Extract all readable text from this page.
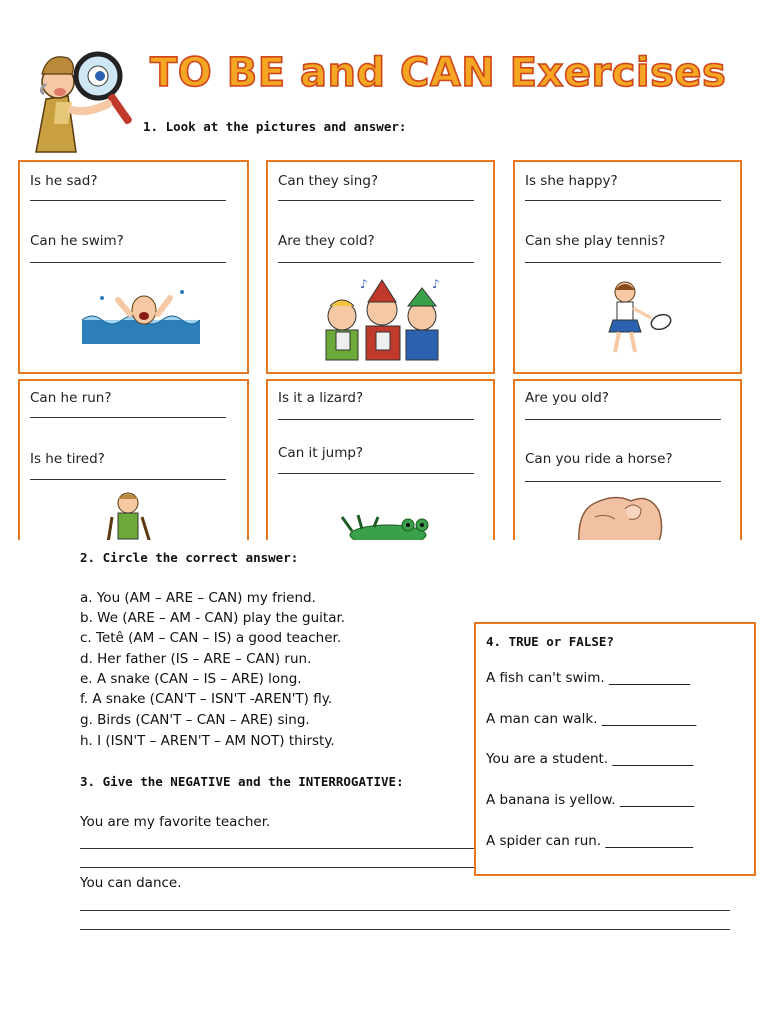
TO BE and CAN Exercises
1. Look at the pictures and answer:
Is he sad?
Can he swim?
Can they sing?
Are they cold?
♪	♪
Is she happy?
Can she play tennis?
Can he run?
Is he tired?
Is it a lizard?
Can it jump?
Are you old?
Can you ride a horse?
2. Circle the correct answer:
a. You (AM – ARE – CAN) my friend.
b. We (ARE – AM - CAN) play the guitar.
c. Tetê (AM – CAN – IS) a good teacher.
d. Her father (IS – ARE – CAN) run.
e. A snake (CAN – IS – ARE) long.
f. A snake (CAN'T – ISN'T -AREN'T) fly.
g. Birds (CAN'T – CAN – ARE) sing.
h. I (ISN'T – AREN'T – AM NOT) thirsty.
3. Give the NEGATIVE and the INTERROGATIVE:
You are my favorite teacher.
You can dance.
4. TRUE or FALSE?
A fish can't swim. ____________
A man can walk. ______________
You are a student. ____________
A banana is yellow. ___________
A spider can run. _____________
